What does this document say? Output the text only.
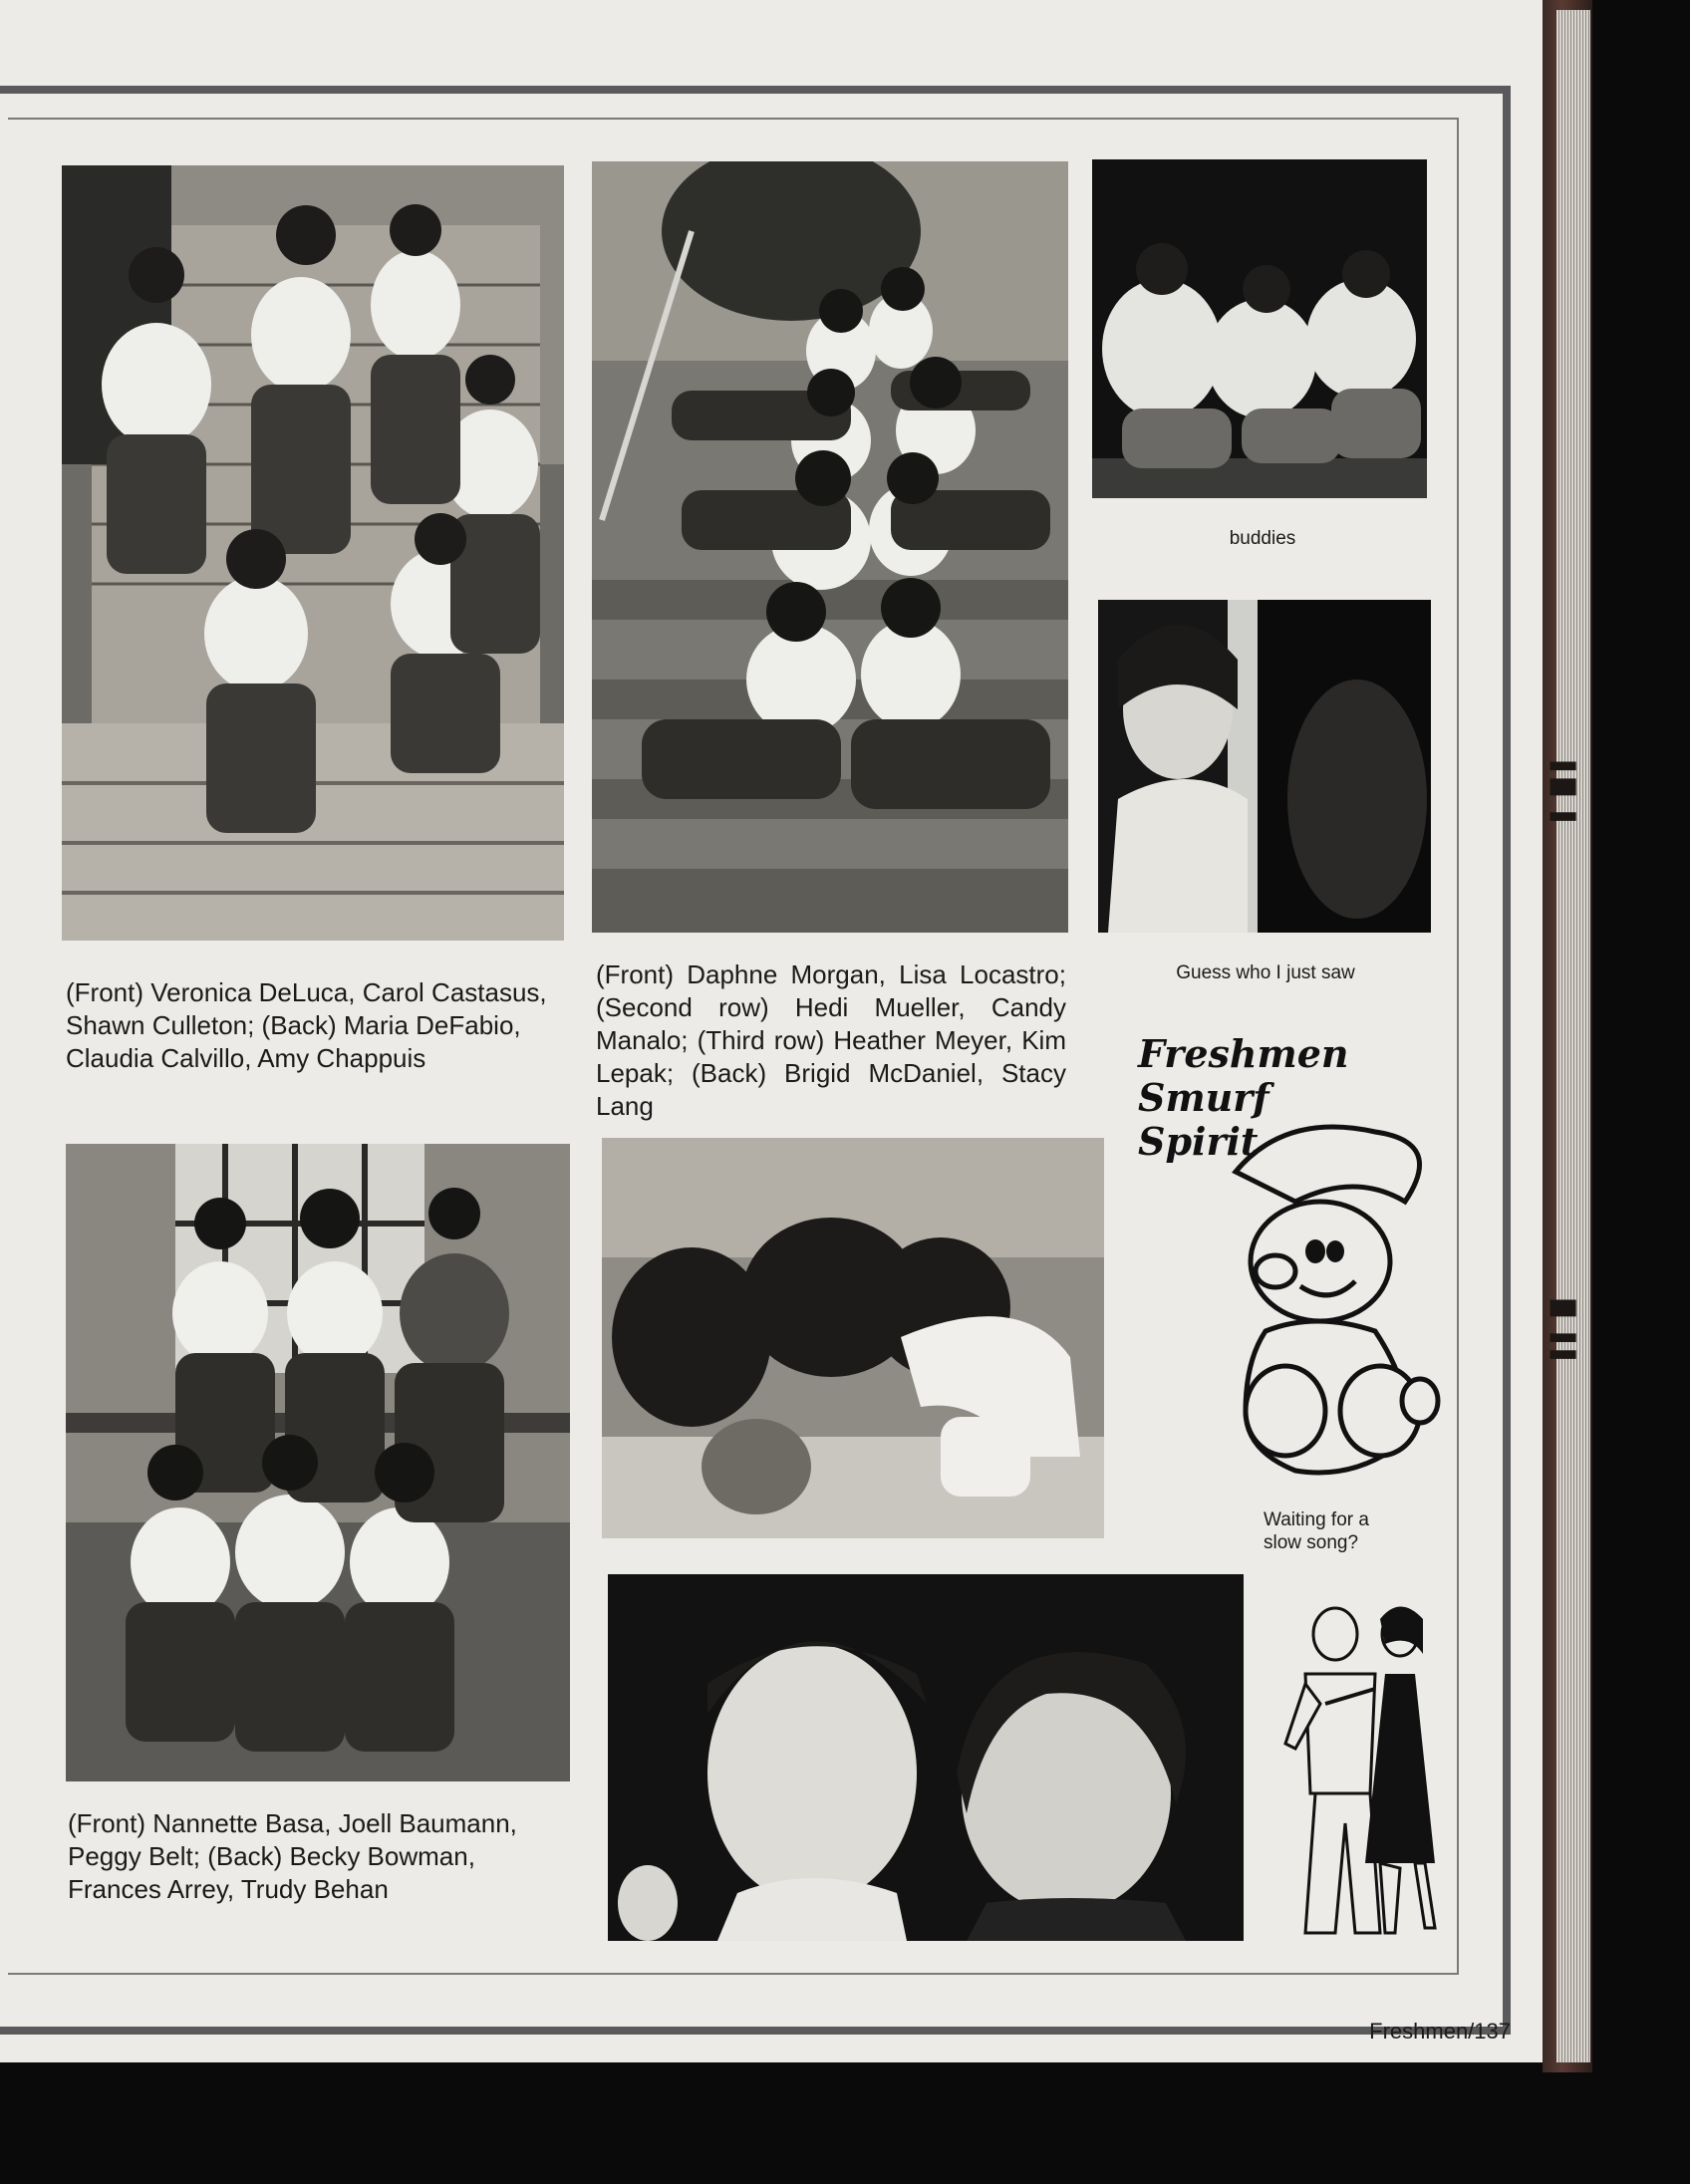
buddies
Guess who I just saw
(Front) Veronica DeLuca, Carol Castasus, Shawn Culleton; (Back) Maria DeFabio, Claudia Calvillo, Amy Chappuis
(Front) Daphne Morgan, Lisa Locastro; (Second row) Hedi Mueller, Candy Manalo; (Third row) Heather Meyer, Kim Lepak; (Back) Brigid McDaniel, Stacy Lang
(Front) Nannette Basa, Joell Baumann, Peggy Belt; (Back) Becky Bowman, Frances Arrey, Trudy Behan
Freshmen
Smurf
Spirit
Waiting for a slow song?
Freshmen/137
▐▐▌▐
▐▌▐▐
